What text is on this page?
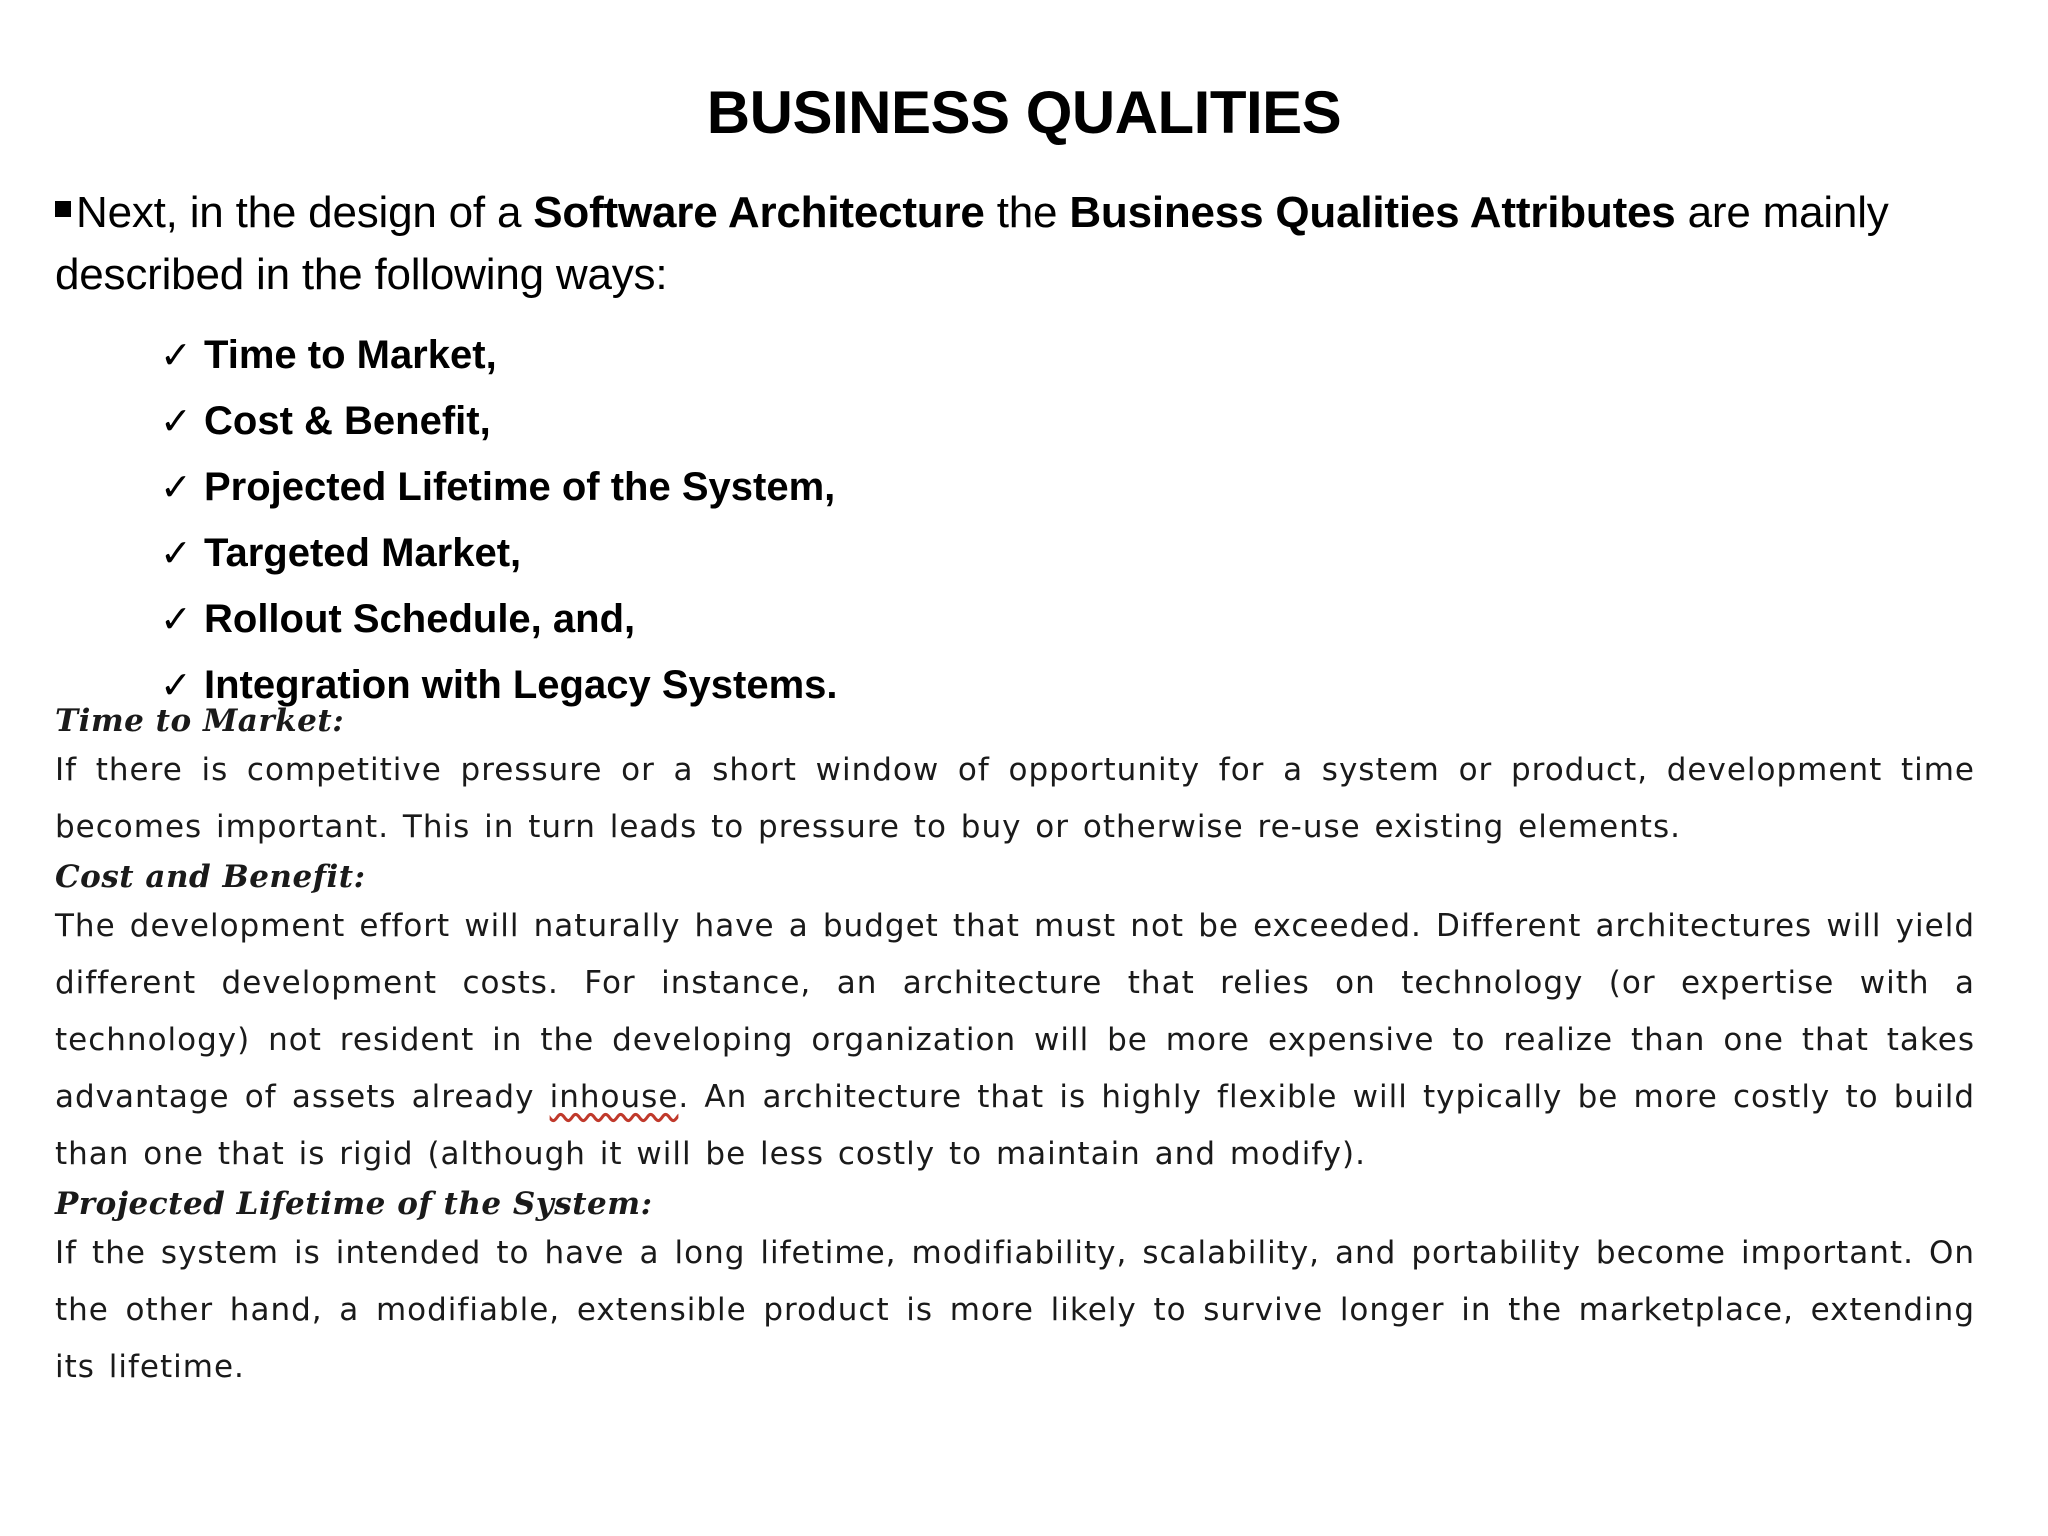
BUSINESS QUALITIES
Next, in the design of a Software Architecture the Business Qualities Attributes are mainly described in the following ways:
✓ Time to Market,
✓ Cost & Benefit,
✓ Projected Lifetime of the System,
✓ Targeted Market,
✓ Rollout Schedule, and,
✓ Integration with Legacy Systems.
Time to Market:
If there is competitive pressure or a short window of opportunity for a system or product, development time becomes important. This in turn leads to pressure to buy or otherwise re-use existing elements.
Cost and Benefit:
The development effort will naturally have a budget that must not be exceeded. Different architectures will yield different development costs. For instance, an architecture that relies on technology (or expertise with a technology) not resident in the developing organization will be more expensive to realize than one that takes advantage of assets already inhouse. An architecture that is highly flexible will typically be more costly to build than one that is rigid (although it will be less costly to maintain and modify).
Projected Lifetime of the System:
If the system is intended to have a long lifetime, modifiability, scalability, and portability become important. On the other hand, a modifiable, extensible product is more likely to survive longer in the marketplace, extending its lifetime.
